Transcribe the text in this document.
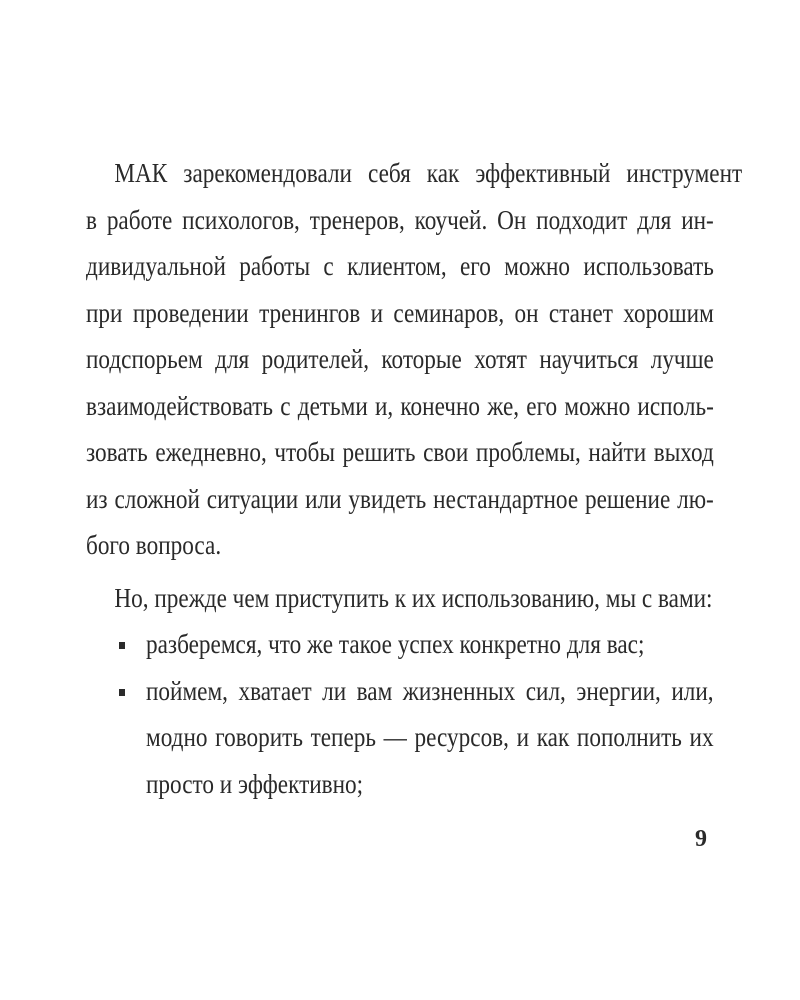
МАК зарекомендовали себя как эффективный инструмент
в работе психологов, тренеров, коучей. Он подходит для ин-
дивидуальной работы с клиентом, его можно использовать
при проведении тренингов и семинаров, он станет хорошим
подспорьем для родителей, которые хотят научиться лучше
взаимодействовать с детьми и, конечно же, его можно исполь-
зовать ежедневно, чтобы решить свои проблемы, найти выход
из сложной ситуации или увидеть нестандартное решение лю-
бого вопроса.
Но, прежде чем приступить к их использованию, мы с вами:
разберемся, что же такое успех конкретно для вас;
поймем, хватает ли вам жизненных сил, энергии, или,
модно говорить теперь — ресурсов, и как пополнить их
просто и эффективно;
9
